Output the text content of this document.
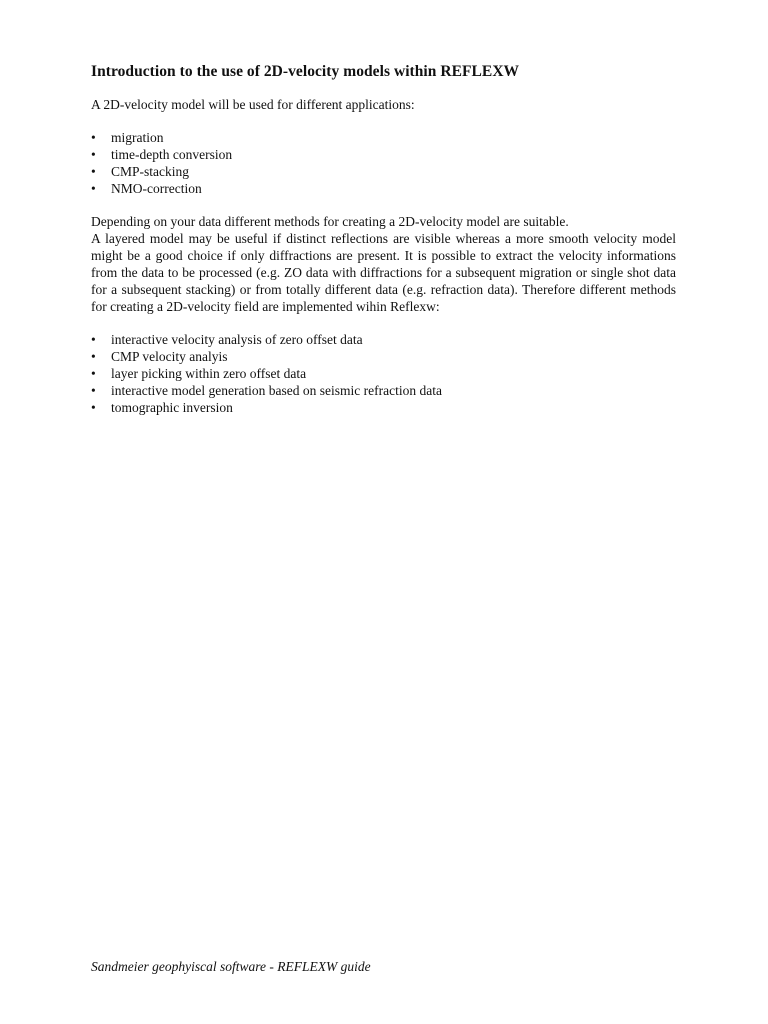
Introduction to the use of 2D-velocity models within REFLEXW

A 2D-velocity model will be used for different applications:

•	migration
•	time-depth conversion
•	CMP-stacking
•	NMO-correction

Depending on your data different methods for creating a 2D-velocity model are suitable.

A layered model may be useful if distinct reflections are visible whereas a more smooth velocity model might be a good choice if only diffractions are present. It is possible to extract the velocity informations from the data to be processed (e.g. ZO data with diffractions for a subsequent migration or single shot data for a subsequent stacking) or from totally different data (e.g. refraction data). Therefore different methods for creating a 2D-velocity field are implemented wihin Reflexw:

•	interactive velocity analysis of zero offset data
•	CMP velocity analyis
•	layer picking within zero offset data
•	interactive model generation based on seismic refraction data
•	tomographic inversion
Sandmeier geophyiscal software - REFLEXW guide
